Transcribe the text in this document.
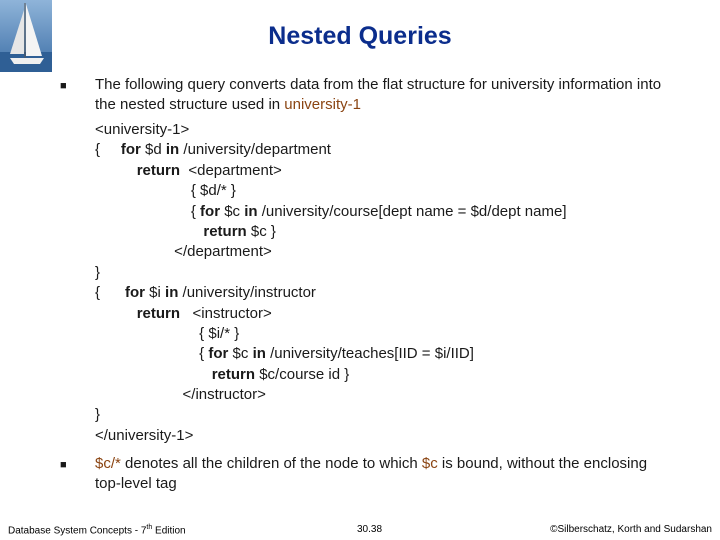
Nested Queries
■ The following query converts data from the flat structure for university information into the nested structure used in university-1
<university-1>
{     for $d in /university/department
return  <department>
{ $d/* }
{ for $c in /university/course[dept name = $d/dept name]
return $c }
</department>
}
{      for $i in /university/instructor
return   <instructor>
{ $i/* }
{ for $c in /university/teaches[IID = $i/IID]
return $c/course id }
</instructor>
}
</university-1>
■ $c/* denotes all the children of the node to which $c is bound, without the enclosing top-level tag
Database System Concepts - 7th Edition	30.38	©Silberschatz, Korth and Sudarshan
